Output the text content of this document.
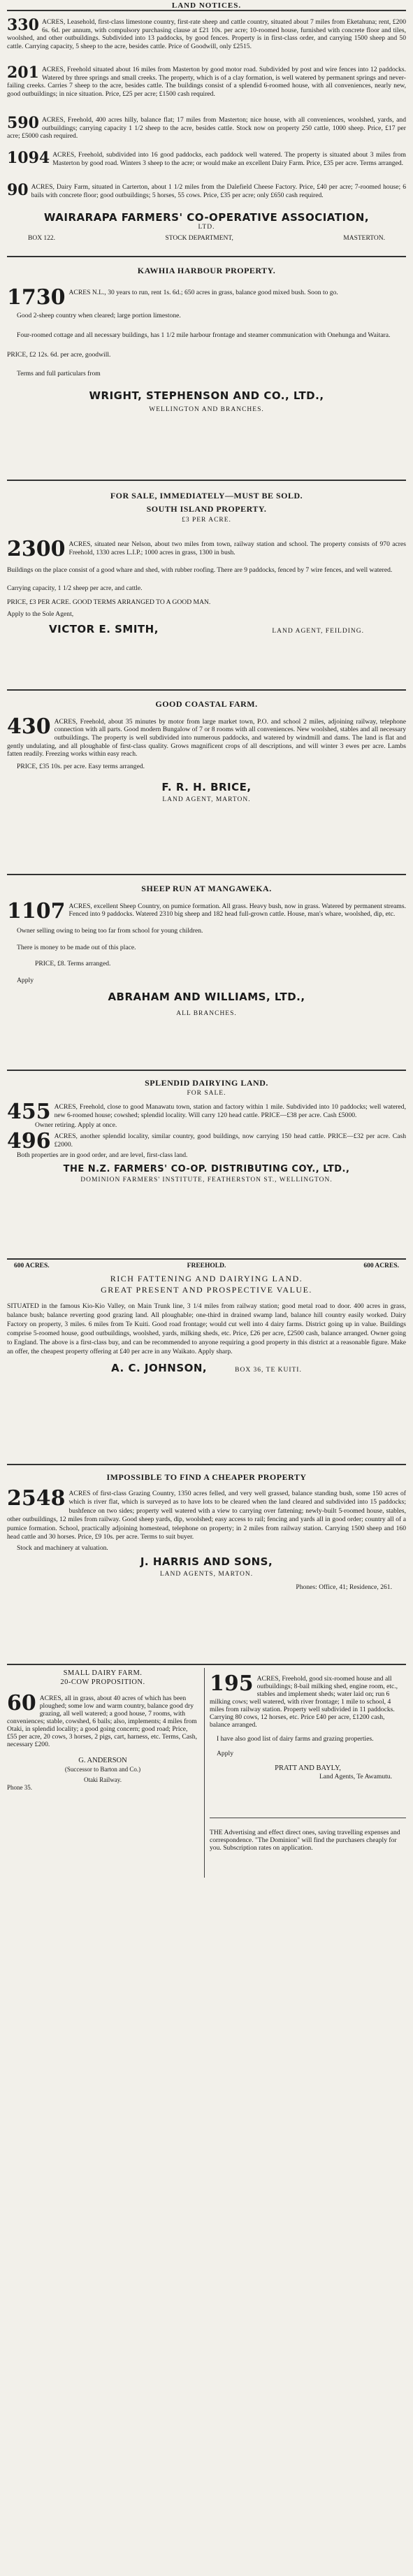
LAND NOTICES.

330 ACRES, Leasehold, first-class limestone country, first-rate sheep and cattle country, situated about 7 miles from Eketahuna; rent, £200 6s. 6d. per annum, with compulsory purchasing clause at £21 10s. per acre; 10-roomed house, furnished with concrete floor and tiles, woolshed, and other outbuildings. Subdivided into 13 paddocks, by good fences. Property is in first-class order, and carrying 1500 sheep and 50 cattle. Carrying capacity, 5 sheep to the acre, besides cattle. Price of Goodwill, only £2515.

201 ACRES, Freehold situated about 16 miles from Masterton by good motor road. Subdivided by post and wire fences into 12 paddocks. Watered by three springs and small creeks. The property, which is of a clay formation, is well watered by permanent springs and never-failing creeks. Carries 7 sheep to the acre, besides cattle. The buildings consist of a splendid 6-roomed house, with all conveniences, nearly new, good outbuildings; in nice situation. Price, £25 per acre; £1500 cash required.

590 ACRES, Freehold, 400 acres hilly, balance flat; 17 miles from Masterton; nice house, with all conveniences, woolshed, yards, and outbuildings; carrying capacity 1 1/2 sheep to the acre, besides cattle. Stock now on property 250 cattle, 1000 sheep. Price, £17 per acre; £5000 cash required.

1094 ACRES, Freehold, subdivided into 16 good paddocks, each paddock well watered. The property is situated about 3 miles from Masterton by good road. Winters 3 sheep to the acre; or would make an excellent Dairy Farm. Price, £35 per acre. Terms arranged.

90 ACRES, Dairy Farm, situated in Carterton, about 1 1/2 miles from the Dalefield Cheese Factory. Price, £40 per acre; 7-roomed house; 6 bails with concrete floor; good outbuildings; 5 horses, 55 cows. Price, £35 per acre; only £650 cash required.

WAIRARAPA FARMERS' CO-OPERATIVE ASSOCIATION,
LTD.
BOX 122.	STOCK DEPARTMENT,	MASTERTON.
KAWHIA HARBOUR PROPERTY.

1730 ACRES N.L., 30 years to run, rent 1s. 6d.; 650 acres in grass, balance good mixed bush. Soon to go.

Good 2-sheep country when cleared; large portion limestone.

Four-roomed cottage and all necessary buildings, has 1 1/2 mile harbour frontage and steamer communication with Onehunga and Waitara.

PRICE, £2 12s. 6d. per acre, goodwill.

Terms and full particulars from

WRIGHT, STEPHENSON AND CO., LTD.,
WELLINGTON AND BRANCHES.
FOR SALE, IMMEDIATELY—MUST BE SOLD.
SOUTH ISLAND PROPERTY.
£3 PER ACRE.

2300 ACRES, situated near Nelson, about two miles from town, railway station and school. The property consists of 970 acres Freehold, 1330 acres L.I.P.; 1000 acres in grass, 1300 in bush.

Buildings on the place consist of a good whare and shed, with rubber roofing. There are 9 paddocks, fenced by 7 wire fences, and well watered.

Carrying capacity, 1 1/2 sheep per acre, and cattle.

PRICE, £3 PER ACRE. GOOD TERMS ARRANGED TO A GOOD MAN.

Apply to the Sole Agent,

VICTOR E. SMITH,	LAND AGENT, FEILDING.
GOOD COASTAL FARM.

430 ACRES, Freehold, about 35 minutes by motor from large market town, P.O. and school 2 miles, adjoining railway, telephone connection with all parts. Good modern Bungalow of 7 or 8 rooms with all conveniences. New woolshed, stables and all necessary outbuildings. The property is well subdivided into numerous paddocks, and watered by windmill and dams. The land is flat and gently undulating, and all ploughable of first-class quality. Grows magnificent crops of all descriptions, and will winter 3 ewes per acre. Lambs fatten readily. Freezing works within easy reach.

PRICE, £35 10s. per acre. Easy terms arranged.

F. R. H. BRICE,
LAND AGENT, MARTON.
SHEEP RUN AT MANGAWEKA.

1107 ACRES, excellent Sheep Country, on pumice formation. All grass. Heavy bush, now in grass. Watered by permanent streams. Fenced into 9 paddocks. Watered 2310 big sheep and 182 head full-grown cattle. House, man's whare, woolshed, dip, etc.

Owner selling owing to being too far from school for young children.

There is money to be made out of this place.

PRICE, £8. Terms arranged.

Apply

ABRAHAM AND WILLIAMS, LTD.,
ALL BRANCHES.
SPLENDID DAIRYING LAND.
FOR SALE.

455 ACRES, Freehold, close to good Manawatu town, station and factory within 1 mile. Subdivided into 10 paddocks; well watered, new 6-roomed house; cowshed; splendid locality. Will carry 120 head cattle. PRICE—£38 per acre. Cash £5000.

Owner retiring. Apply at once.

496 ACRES, another splendid locality, similar country, good buildings, now carrying 150 head cattle. PRICE—£32 per acre. Cash £2000.

Both properties are in good order, and are level, first-class land.

THE N.Z. FARMERS' CO-OP. DISTRIBUTING COY., LTD.,
DOMINION FARMERS' INSTITUTE, FEATHERSTON ST., WELLINGTON.
600 ACRES.	FREEHOLD.	600 ACRES.
RICH FATTENING AND DAIRYING LAND.
GREAT PRESENT AND PROSPECTIVE VALUE.

SITUATED in the famous Kio-Kio Valley, on Main Trunk line, 3 1/4 miles from railway station; good metal road to door. 400 acres in grass, balance bush; balance reverting good grazing land. All ploughable; one-third in drained swamp land, balance hill country easily worked. Dairy Factory on property, 3 miles. 6 miles from Te Kuiti. Good road frontage; would cut well into 4 dairy farms. District going up in value. Buildings comprise 5-roomed house, good outbuildings, woolshed, yards, milking sheds, etc. Price, £26 per acre, £2500 cash, balance arranged. Owner going to England. The above is a first-class buy, and can be recommended to anyone requiring a good property in this district at a reasonable figure. Make an offer, the cheapest property offering at £40 per acre in any Waikato. Apply sharp.

A. C. JOHNSON,	BOX 36, TE KUITI.
IMPOSSIBLE TO FIND A CHEAPER PROPERTY

2548 ACRES of first-class Grazing Country, 1350 acres felled, and very well grassed, balance standing bush, some 150 acres of which is river flat, which is surveyed as to have lots to be cleared when the land cleared and subdivided into 15 paddocks; bushfence on two sides; property well watered with a view to carrying over fattening; newly-built 5-roomed house, stables, other outbuildings, 12 miles from railway. Good sheep yards, dip, woolshed; easy access to rail; fencing and yards all in good order; country all of a pumice formation. School, practically adjoining homestead, telephone on property; in 2 miles from railway station. Carrying 1500 sheep and 160 head cattle and 30 horses. Price, £9 10s. per acre. Terms to suit buyer.

Stock and machinery at valuation.

J. HARRIS AND SONS,
LAND AGENTS, MARTON.
Phones: Office, 41; Residence, 261.
SMALL DAIRY FARM.
20-COW PROPOSITION.

60 ACRES, all in grass, about 40 acres of which has been ploughed; some low and warm country, balance good dry grazing, all well watered; a good house, 7 rooms, with conveniences; stable, cowshed, 6 bails; also, implements; 4 miles from Otaki, in splendid locality; a good going concern; good road; Price, £55 per acre, 20 cows, 3 horses, 2 pigs, cart, harness, etc. Terms, Cash, necessary £200.

G. ANDERSON
(Successor to Barton and Co.)
Otaki Railway.
Phone 35.

195 ACRES, Freehold, good six-roomed house and all outbuildings; 8-bail milking shed, engine room, etc., stables and implement sheds; water laid on; run 6 milking cows; well watered, with river frontage; 1 mile to school, 4 miles from railway station. Property well subdivided in 11 paddocks. Carrying 80 cows, 12 horses, etc. Price £40 per acre, £1200 cash, balance arranged.

I have also good list of dairy farms and grazing properties.

Apply

PRATT AND BAYLY,
Land Agents, Te Awamutu.

THE Advertising and effect direct ones, saving travelling expenses and correspondence. "The Dominion" will find the purchasers cheaply for you. Subscription rates on application.
